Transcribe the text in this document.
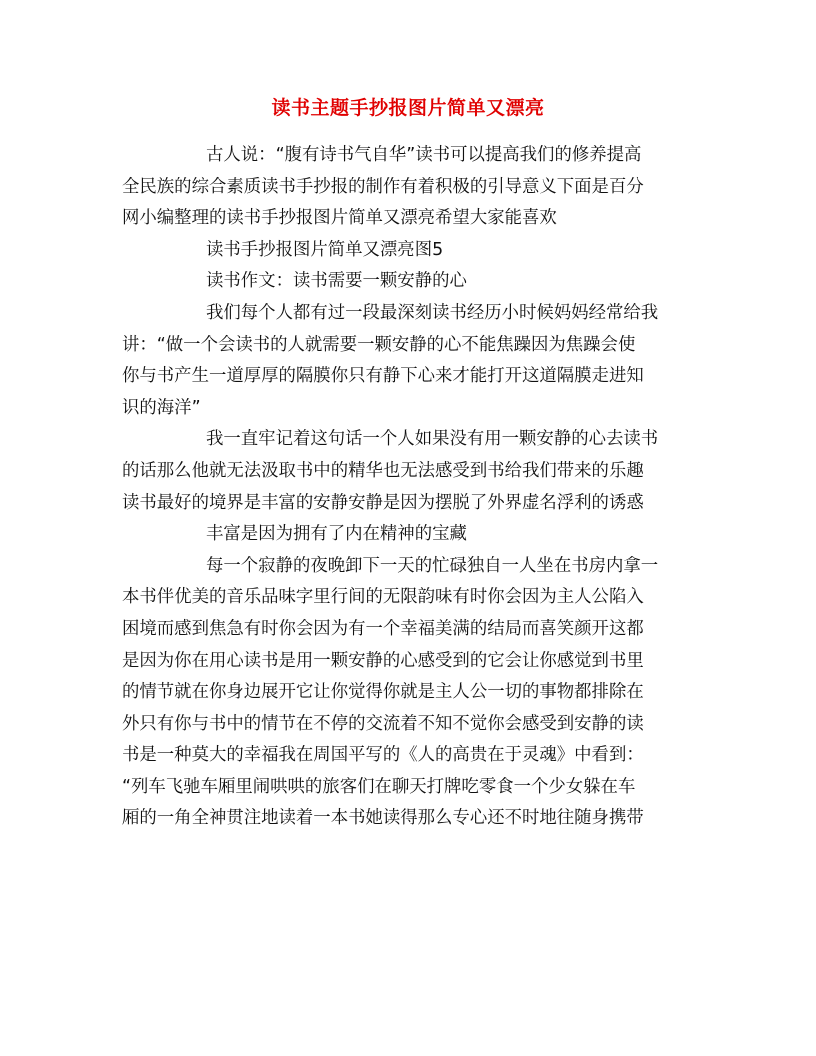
读书主题手抄报图片简单又漂亮
古人说：“腹有诗书气自华”读书可以提高我们的修养提高
全民族的综合素质读书手抄报的制作有着积极的引导意义下面是百分
网小编整理的读书手抄报图片简单又漂亮希望大家能喜欢
读书手抄报图片简单又漂亮图5
读书作文：读书需要一颗安静的心
我们每个人都有过一段最深刻读书经历小时候妈妈经常给我
讲：“做一个会读书的人就需要一颗安静的心不能焦躁因为焦躁会使
你与书产生一道厚厚的隔膜你只有静下心来才能打开这道隔膜走进知
识的海洋”
我一直牢记着这句话一个人如果没有用一颗安静的心去读书
的话那么他就无法汲取书中的精华也无法感受到书给我们带来的乐趣
读书最好的境界是丰富的安静安静是因为摆脱了外界虚名浮利的诱惑
丰富是因为拥有了内在精神的宝藏
每一个寂静的夜晚卸下一天的忙碌独自一人坐在书房内拿一
本书伴优美的音乐品味字里行间的无限韵味有时你会因为主人公陷入
困境而感到焦急有时你会因为有一个幸福美满的结局而喜笑颜开这都
是因为你在用心读书是用一颗安静的心感受到的它会让你感觉到书里
的情节就在你身边展开它让你觉得你就是主人公一切的事物都排除在
外只有你与书中的情节在不停的交流着不知不觉你会感受到安静的读
书是一种莫大的幸福我在周国平写的《人的高贵在于灵魂》中看到：
“列车飞驰车厢里闹哄哄的旅客们在聊天打牌吃零食一个少女躲在车
厢的一角全神贯注地读着一本书她读得那么专心还不时地往随身携带
